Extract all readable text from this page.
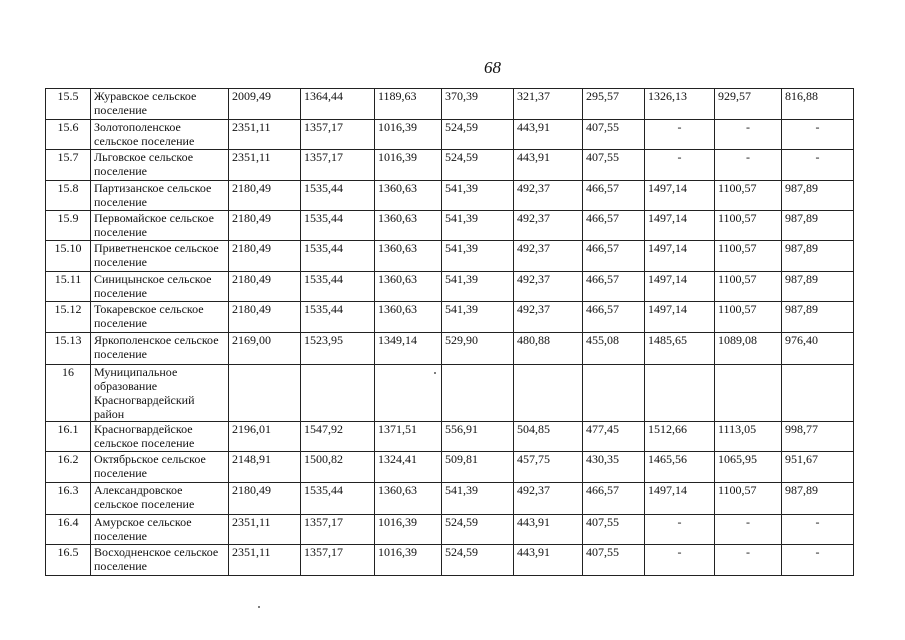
68
15.5	Журавское сельское поселение	2009,49	1364,44	1189,63	370,39	321,37	295,57	1326,13	929,57	816,88
15.6	Золотополенское сельское поселение	2351,11	1357,17	1016,39	524,59	443,91	407,55	-	-	-
15.7	Льговское сельское поселение	2351,11	1357,17	1016,39	524,59	443,91	407,55	-	-	-
15.8	Партизанское сельское поселение	2180,49	1535,44	1360,63	541,39	492,37	466,57	1497,14	1100,57	987,89
15.9	Первомайское сельское поселение	2180,49	1535,44	1360,63	541,39	492,37	466,57	1497,14	1100,57	987,89
15.10	Приветненское сельское поселение	2180,49	1535,44	1360,63	541,39	492,37	466,57	1497,14	1100,57	987,89
15.11	Синицынское сельское поселение	2180,49	1535,44	1360,63	541,39	492,37	466,57	1497,14	1100,57	987,89
15.12	Токаревское сельское поселение	2180,49	1535,44	1360,63	541,39	492,37	466,57	1497,14	1100,57	987,89
15.13	Яркополенское сельское поселение	2169,00	1523,95	1349,14	529,90	480,88	455,08	1485,65	1089,08	976,40
16	Муниципальное образование Красногвардейский район									
16.1	Красногвардейское сельское поселение	2196,01	1547,92	1371,51	556,91	504,85	477,45	1512,66	1113,05	998,77
16.2	Октябрьское сельское поселение	2148,91	1500,82	1324,41	509,81	457,75	430,35	1465,56	1065,95	951,67
16.3	Александровское сельское поселение	2180,49	1535,44	1360,63	541,39	492,37	466,57	1497,14	1100,57	987,89
16.4	Амурское сельское поселение	2351,11	1357,17	1016,39	524,59	443,91	407,55	-	-	-
16.5	Восходненское сельское поселение	2351,11	1357,17	1016,39	524,59	443,91	407,55	-	-	-
